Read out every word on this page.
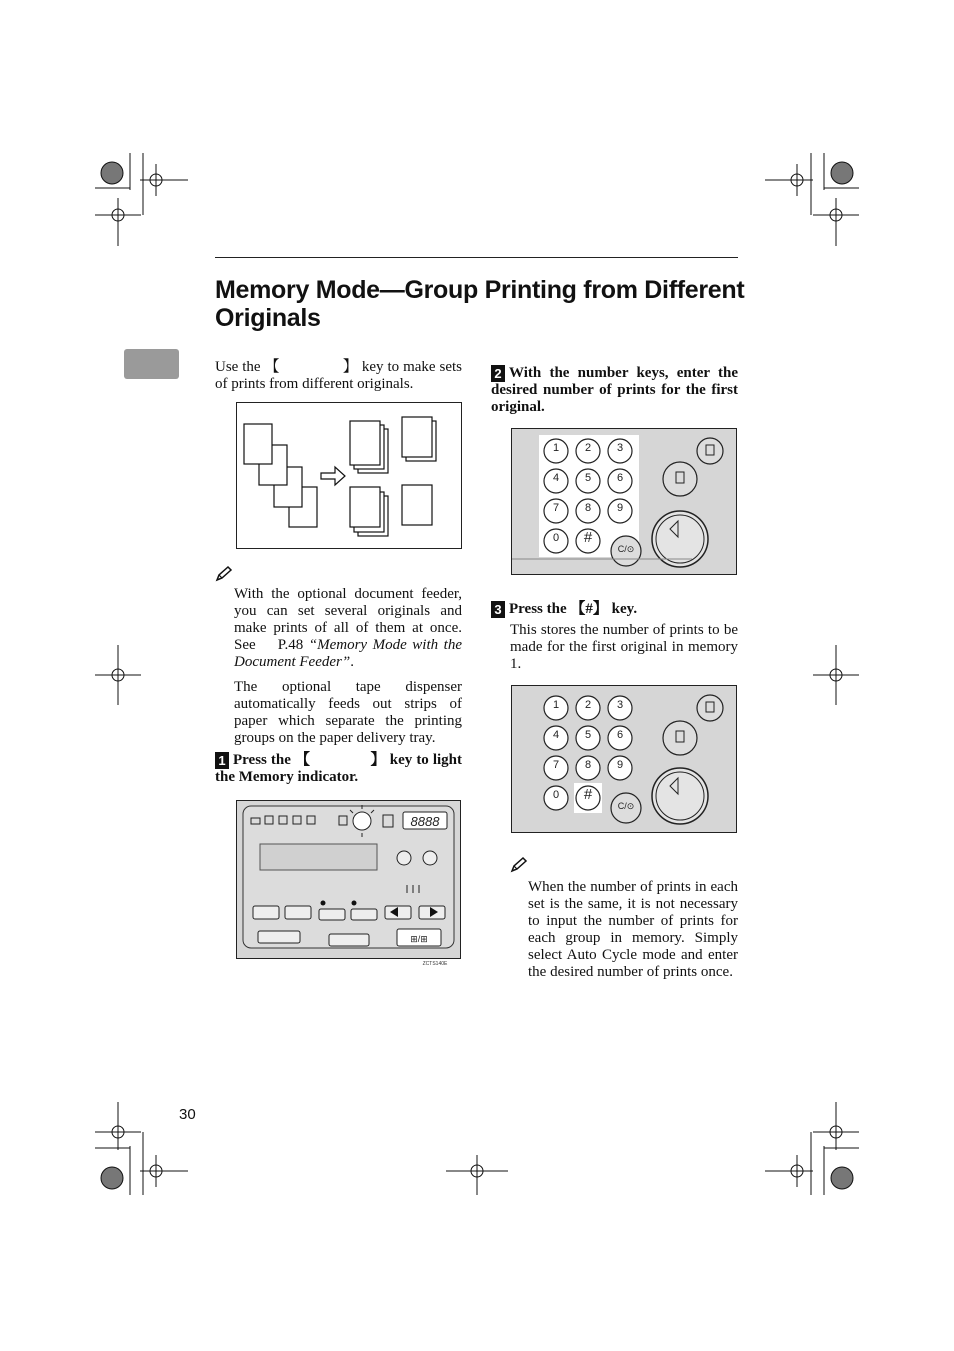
Memory Mode—Group Printing from Different Originals

Use the 【                】 key to make sets of prints from different originals.

With the optional document feeder, you can set several originals and make prints of all of them at once. See P.48 “Memory Mode with the Document Feeder”.

The optional tape dispenser automatically feeds out strips of paper which separate the printing groups on the paper delivery tray.

1 Press the 【               】 key to light the Memory indicator.
8888
⊞/⊞
ZCTS140E
2 With the number keys, enter the desired number of prints for the first original.
1 2 3
4 5 6
7 8 9
0 #
C/⊙
3 Press the 【#】 key.

This stores the number of prints to be made for the first original in memory 1.

1 2 3
4 5 6
7 8 9
0 #
C/⊙

When the number of prints in each set is the same, it is not necessary to input the number of prints for each group in memory. Simply select Auto Cycle mode and enter the desired number of prints once.

30
